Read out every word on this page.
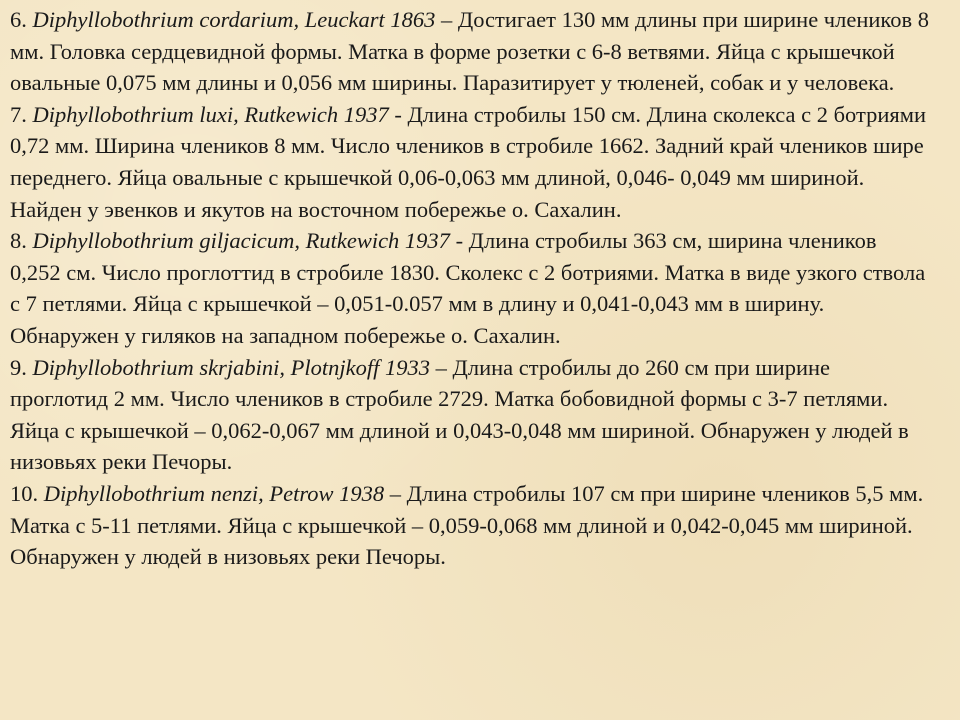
6. Diphyllobothrium cordarium, Leuckart 1863 – Достигает 130 мм длины при ширине члеников 8 мм. Головка сердцевидной формы. Матка в форме розетки с 6-8 ветвями. Яйца с крышечкой овальные 0,075 мм длины и 0,056 мм ширины. Паразитирует у тюленей, собак и у человека.

7. Diphyllobothrium luxi, Rutkewich 1937 - Длина стробилы 150 см. Длина сколекса с 2 ботриями 0,72 мм. Ширина члеников 8 мм. Число члеников в стробиле 1662. Задний край члеников шире переднего. Яйца овальные с крышечкой 0,06-0,063 мм длиной, 0,046- 0,049 мм шириной. Найден у эвенков и якутов на восточном побережье о. Сахалин.

8. Diphyllobothrium giljacicum, Rutkewich 1937 - Длина стробилы 363 см, ширина члеников 0,252 см. Число проглоттид в стробиле 1830. Сколекс с 2 ботриями. Матка в виде узкого ствола с 7 петлями. Яйца с крышечкой – 0,051-0.057 мм в длину и 0,041-0,043 мм в ширину. Обнаружен у гиляков на западном побережье о. Сахалин.

9. Diphyllobothrium skrjabini, Plotnjkoff 1933 – Длина стробилы до 260 см при ширине проглотид 2 мм. Число члеников в стробиле 2729. Матка бобовидной формы с 3-7 петлями. Яйца с крышечкой – 0,062-0,067 мм длиной и 0,043-0,048 мм шириной. Обнаружен у людей в низовьях реки Печоры.

10. Diphyllobothrium nenzi, Petrow 1938 – Длина стробилы 107 см при ширине члеников 5,5 мм. Матка с 5-11 петлями. Яйца с крышечкой – 0,059-0,068 мм длиной и 0,042-0,045 мм шириной. Обнаружен у людей в низовьях реки Печоры.
